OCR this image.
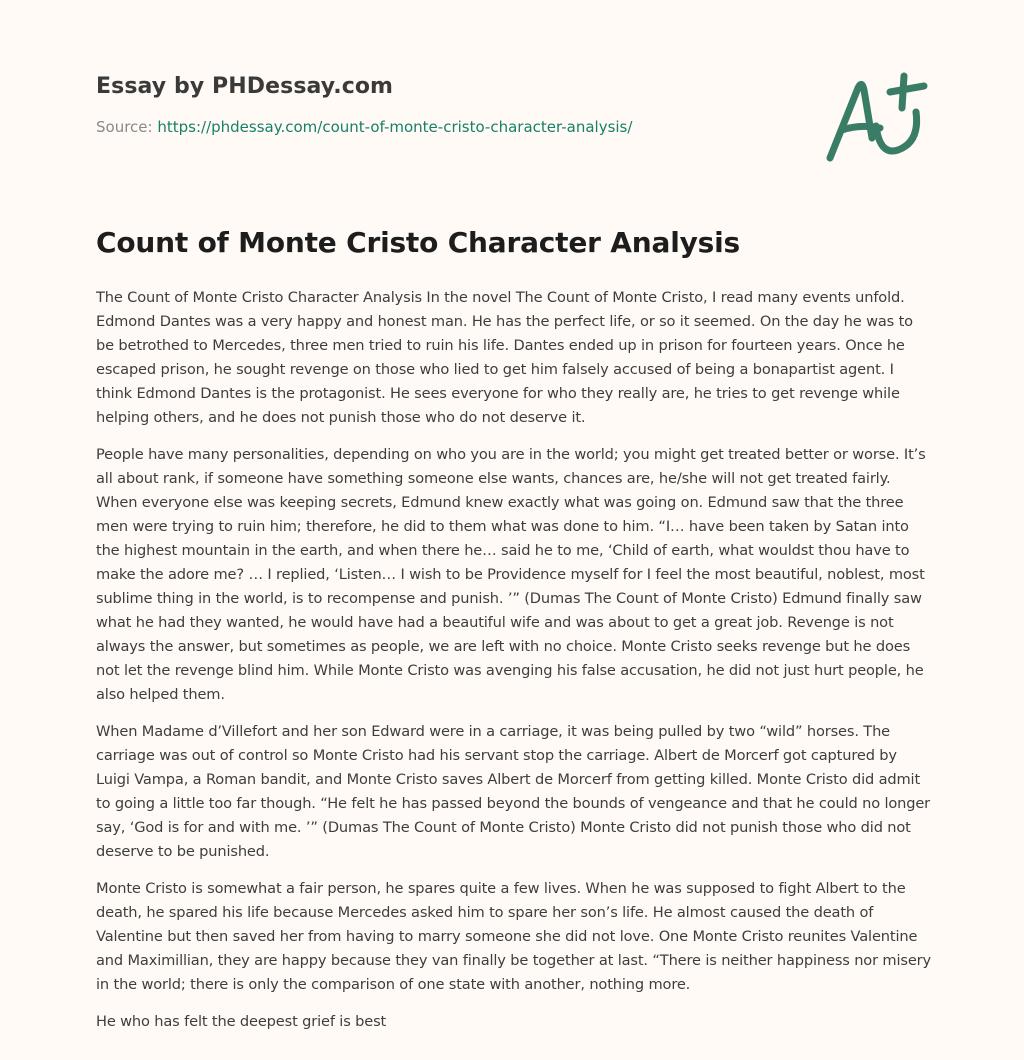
Essay by PHDessay.com
Source: https://phdessay.com/count-of-monte-cristo-character-analysis/
Count of Monte Cristo Character Analysis

The Count of Monte Cristo Character Analysis In the novel The Count of Monte Cristo, I read many events unfold. Edmond Dantes was a very happy and honest man. He has the perfect life, or so it seemed. On the day he was to be betrothed to Mercedes, three men tried to ruin his life. Dantes ended up in prison for fourteen years. Once he escaped prison, he sought revenge on those who lied to get him falsely accused of being a bonapartist agent. I think Edmond Dantes is the protagonist. He sees everyone for who they really are, he tries to get revenge while helping others, and he does not punish those who do not deserve it.

People have many personalities, depending on who you are in the world; you might get treated better or worse. It’s all about rank, if someone have something someone else wants, chances are, he/she will not get treated fairly. When everyone else was keeping secrets, Edmund knew exactly what was going on. Edmund saw that the three men were trying to ruin him; therefore, he did to them what was done to him. “I… have been taken by Satan into the highest mountain in the earth, and when there he… said he to me, ‘Child of earth, what wouldst thou have to make the adore me? … I replied, ‘Listen… I wish to be Providence myself for I feel the most beautiful, noblest, most sublime thing in the world, is to recompense and punish. ’” (Dumas The Count of Monte Cristo) Edmund finally saw what he had they wanted, he would have had a beautiful wife and was about to get a great job. Revenge is not always the answer, but sometimes as people, we are left with no choice. Monte Cristo seeks revenge but he does not let the revenge blind him. While Monte Cristo was avenging his false accusation, he did not just hurt people, he also helped them.

When Madame d’Villefort and her son Edward were in a carriage, it was being pulled by two “wild” horses. The carriage was out of control so Monte Cristo had his servant stop the carriage. Albert de Morcerf got captured by Luigi Vampa, a Roman bandit, and Monte Cristo saves Albert de Morcerf from getting killed. Monte Cristo did admit to going a little too far though. “He felt he has passed beyond the bounds of vengeance and that he could no longer say, ‘God is for and with me. ’” (Dumas The Count of Monte Cristo) Monte Cristo did not punish those who did not deserve to be punished.

Monte Cristo is somewhat a fair person, he spares quite a few lives. When he was supposed to fight Albert to the death, he spared his life because Mercedes asked him to spare her son’s life. He almost caused the death of Valentine but then saved her from having to marry someone she did not love. One Monte Cristo reunites Valentine and Maximillian, they are happy because they van finally be together at last. “There is neither happiness nor misery in the world; there is only the comparison of one state with another, nothing more.

He who has felt the deepest grief is best
